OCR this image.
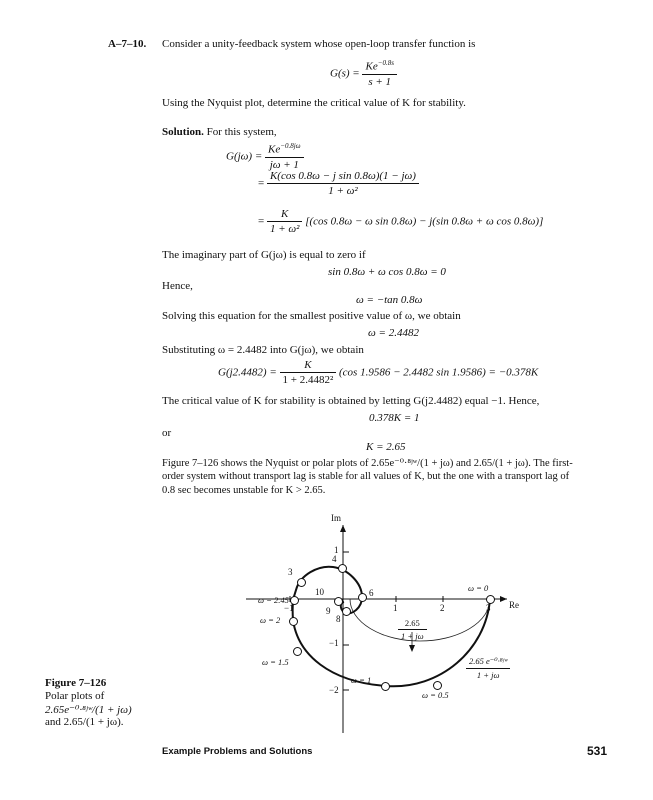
A–7–10. Consider a unity-feedback system whose open-loop transfer function is
$G(s) = \frac{Ke^{-0.8s}}{s + 1}$
Using the Nyquist plot, determine the critical value of K for stability.
Solution. For this system,
$G(j\omega) = \frac{Ke^{-0.8j\omega}}{j\omega + 1}$
= $\frac{\text{K(cos 0.8ω − j sin 0.8ω)(1 − jω)}}{\text{1 + ω²}}$
= $\frac{K}{\text{1 + ω²}} [(\cos$ 0.8ω − ω sin 0.8ω) − j(sin 0.8ω + ω cos 0.8ω)]
The imaginary part of G(jω) is equal to zero if
sin 0.8ω + ω cos 0.8ω = 0
Hence,
ω = −tan 0.8ω
Solving this equation for the smallest positive value of ω, we obtain
ω = 2.4482
Substituting ω = 2.4482 into G(jω), we obtain
$G(j2.4482) = \frac{K}{\text{1 + 2.4482²}} (\cos$ 1.9586 − 2.4482 sin 1.9586) = −0.378K
The critical value of K for stability is obtained by letting G(j2.4482) equal −1. Hence,
0.378K = 1
or
K = 2.65
Figure 7–126 shows the Nyquist or polar plots of 2.65e⁻⁰·⁸ʲʷ/(1 + jω) and 2.65/(1 + jω). The first-
order system without transport lag is stable for all values of K, but the one with a transport lag of
0.8 sec becomes unstable for K > 2.65.
Im
Re
−1	1	2	3
1
−1
−2
3
4
6
8
9
10
ω = 2.45
ω = 2
ω = 1.5
ω = 1
ω = 0.5
ω = 0
$\frac{2.65}{1 + j\omega}$
$\frac{\text{2.65 e⁻⁰·⁸ʲʷ}}{1 + j\omega}$
Figure 7–126
Polar plots of
2.65e⁻⁰·⁸ʲʷ/(1 + jω)
and 2.65/(1 + jω).
Example Problems and Solutions	531
